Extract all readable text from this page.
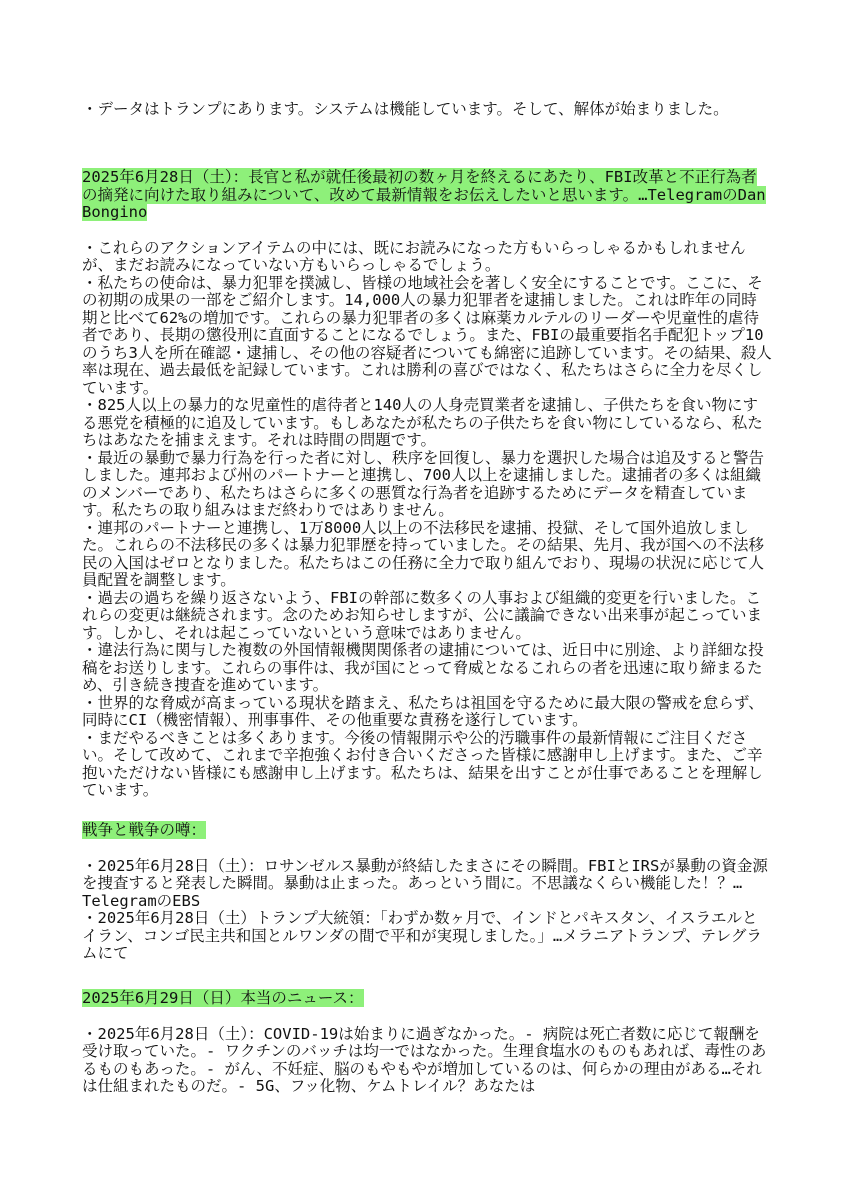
・データはトランプにあります。システムは機能しています。そして、解体が始まりました。
2025年6月28日（土）：長官と私が就任後最初の数ヶ月を終えるにあたり、FBI改革と不正行為者の摘発に向けた取り組みについて、改めて最新情報をお伝えしたいと思います。…TelegramのDan Bongino
・これらのアクションアイテムの中には、既にお読みになった方もいらっしゃるかもしれませんが、まだお読みになっていない方もいらっしゃるでしょう。
・私たちの使命は、暴力犯罪を撲滅し、皆様の地域社会を著しく安全にすることです。ここに、その初期の成果の一部をご紹介します。14,000人の暴力犯罪者を逮捕しました。これは昨年の同時期と比べて62%の増加です。これらの暴力犯罪者の多くは麻薬カルテルのリーダーや児童性的虐待者であり、長期の懲役刑に直面することになるでしょう。また、FBIの最重要指名手配犯トップ10のうち3人を所在確認・逮捕し、その他の容疑者についても綿密に追跡しています。その結果、殺人率は現在、過去最低を記録しています。これは勝利の喜びではなく、私たちはさらに全力を尽くしています。
・825人以上の暴力的な児童性的虐待者と140人の人身売買業者を逮捕し、子供たちを食い物にする悪党を積極的に追及しています。もしあなたが私たちの子供たちを食い物にしているなら、私たちはあなたを捕まえます。それは時間の問題です。
・最近の暴動で暴力行為を行った者に対し、秩序を回復し、暴力を選択した場合は追及すると警告しました。連邦および州のパートナーと連携し、700人以上を逮捕しました。逮捕者の多くは組織のメンバーであり、私たちはさらに多くの悪質な行為者を追跡するためにデータを精査しています。私たちの取り組みはまだ終わりではありません。
・連邦のパートナーと連携し、1万8000人以上の不法移民を逮捕、投獄、そして国外追放しました。これらの不法移民の多くは暴力犯罪歴を持っていました。その結果、先月、我が国への不法移民の入国はゼロとなりました。私たちはこの任務に全力で取り組んでおり、現場の状況に応じて人員配置を調整します。
・過去の過ちを繰り返さないよう、FBIの幹部に数多くの人事および組織的変更を行いました。これらの変更は継続されます。念のためお知らせしますが、公に議論できない出来事が起こっています。しかし、それは起こっていないという意味ではありません。
・違法行為に関与した複数の外国情報機関関係者の逮捕については、近日中に別途、より詳細な投稿をお送りします。これらの事件は、我が国にとって脅威となるこれらの者を迅速に取り締まるため、引き続き捜査を進めています。
・世界的な脅威が高まっている現状を踏まえ、私たちは祖国を守るために最大限の警戒を怠らず、同時にCI（機密情報）、刑事事件、その他重要な責務を遂行しています。
・まだやるべきことは多くあります。今後の情報開示や公的汚職事件の最新情報にご注目ください。そして改めて、これまで辛抱強くお付き合いくださった皆様に感謝申し上げます。また、ご辛抱いただけない皆様にも感謝申し上げます。私たちは、結果を出すことが仕事であることを理解しています。
戦争と戦争の噂：
・2025年6月28日（土）：ロサンゼルス暴動が終結したまさにその瞬間。FBIとIRSが暴動の資金源を捜査すると発表した瞬間。暴動は止まった。あっという間に。不思議なくらい機能した！？…TelegramのEBS
・2025年6月28日（土）トランプ大統領：「わずか数ヶ月で、インドとパキスタン、イスラエルとイラン、コンゴ民主共和国とルワンダの間で平和が実現しました。」…メラニアトランプ、テレグラムにて
2025年6月29日（日）本当のニュース：
・2025年6月28日（土）：COVID-19は始まりに過ぎなかった。- 病院は死亡者数に応じて報酬を受け取っていた。- ワクチンのバッチは均一ではなかった。生理食塩水のものもあれば、毒性のあるものもあった。- がん、不妊症、脳のもやもやが増加しているのは、何らかの理由がある…それは仕組まれたものだ。- 5G、フッ化物、ケムトレイル？あなたは
